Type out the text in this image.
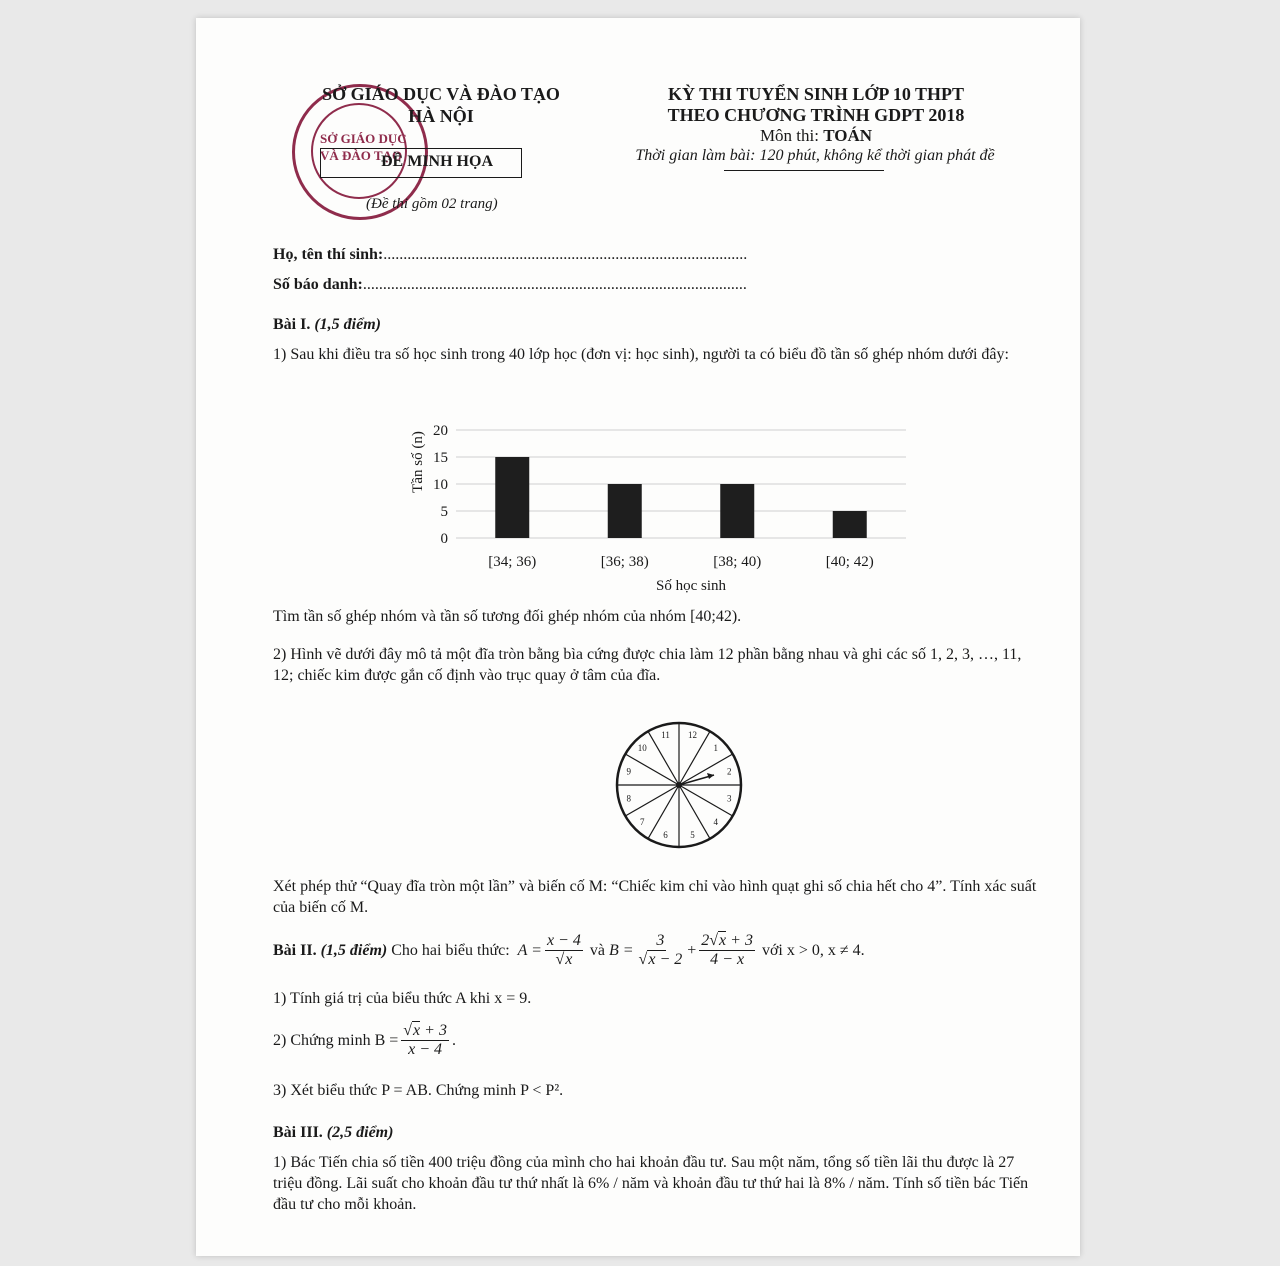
SỞ GIÁO DỤC
VÀ ĐÀO TẠO
SỞ GIÁO DỤC VÀ ĐÀO TẠO
HÀ NỘI
ĐỀ MINH HỌA
(Đề thi gồm 02 trang)
KỲ THI TUYỂN SINH LỚP 10 THPT
THEO CHƯƠNG TRÌNH GDPT 2018
Môn thi: TOÁN
Thời gian làm bài: 120 phút, không kể thời gian phát đề
Họ, tên thí sinh:...........................................................................................
Số báo danh:................................................................................................
Bài I. (1,5 điểm)
1) Sau khi điều tra số học sinh trong 40 lớp học (đơn vị: học sinh), người ta có biểu đồ tần số ghép nhóm dưới đây:
0
5
10
15
20
[34; 36)	[36; 38)	[38; 40)	[40; 42)
Tần số (n)
Số học sinh
Tìm tần số ghép nhóm và tần số tương đối ghép nhóm của nhóm [40;42).
2) Hình vẽ dưới đây mô tả một đĩa tròn bằng bìa cứng được chia làm 12 phần bằng nhau và ghi các số 1, 2, 3, …, 11, 12; chiếc kim được gắn cố định vào trục quay ở tâm của đĩa.
12
1
2
3
4
5
6
7
8
9
10
11
Xét phép thử “Quay đĩa tròn một lần” và biến cố M: “Chiếc kim chỉ vào hình quạt ghi số chia hết cho 4”. Tính xác suất của biến cố M.
Bài II.
(1,5 điểm)
Cho hai biểu thức:
$A = \frac{x - 4}{√x}$
và
$B = \frac{3}{√x - 2} + \frac{2√x + 3}{4 - x}$
với x > 0, x ≠ 4.
1) Tính giá trị của biểu thức A khi x = 9.
2) Chứng minh $B = \frac{√x + 3}{x - 4}$ .
3) Xét biểu thức P = AB. Chứng minh P < P².
Bài III. (2,5 điểm)
1) Bác Tiến chia số tiền 400 triệu đồng của mình cho hai khoản đầu tư. Sau một năm, tổng số tiền lãi thu được là 27 triệu đồng. Lãi suất cho khoản đầu tư thứ nhất là 6% / năm và khoản đầu tư thứ hai là 8% / năm. Tính số tiền bác Tiến đầu tư cho mỗi khoản.
